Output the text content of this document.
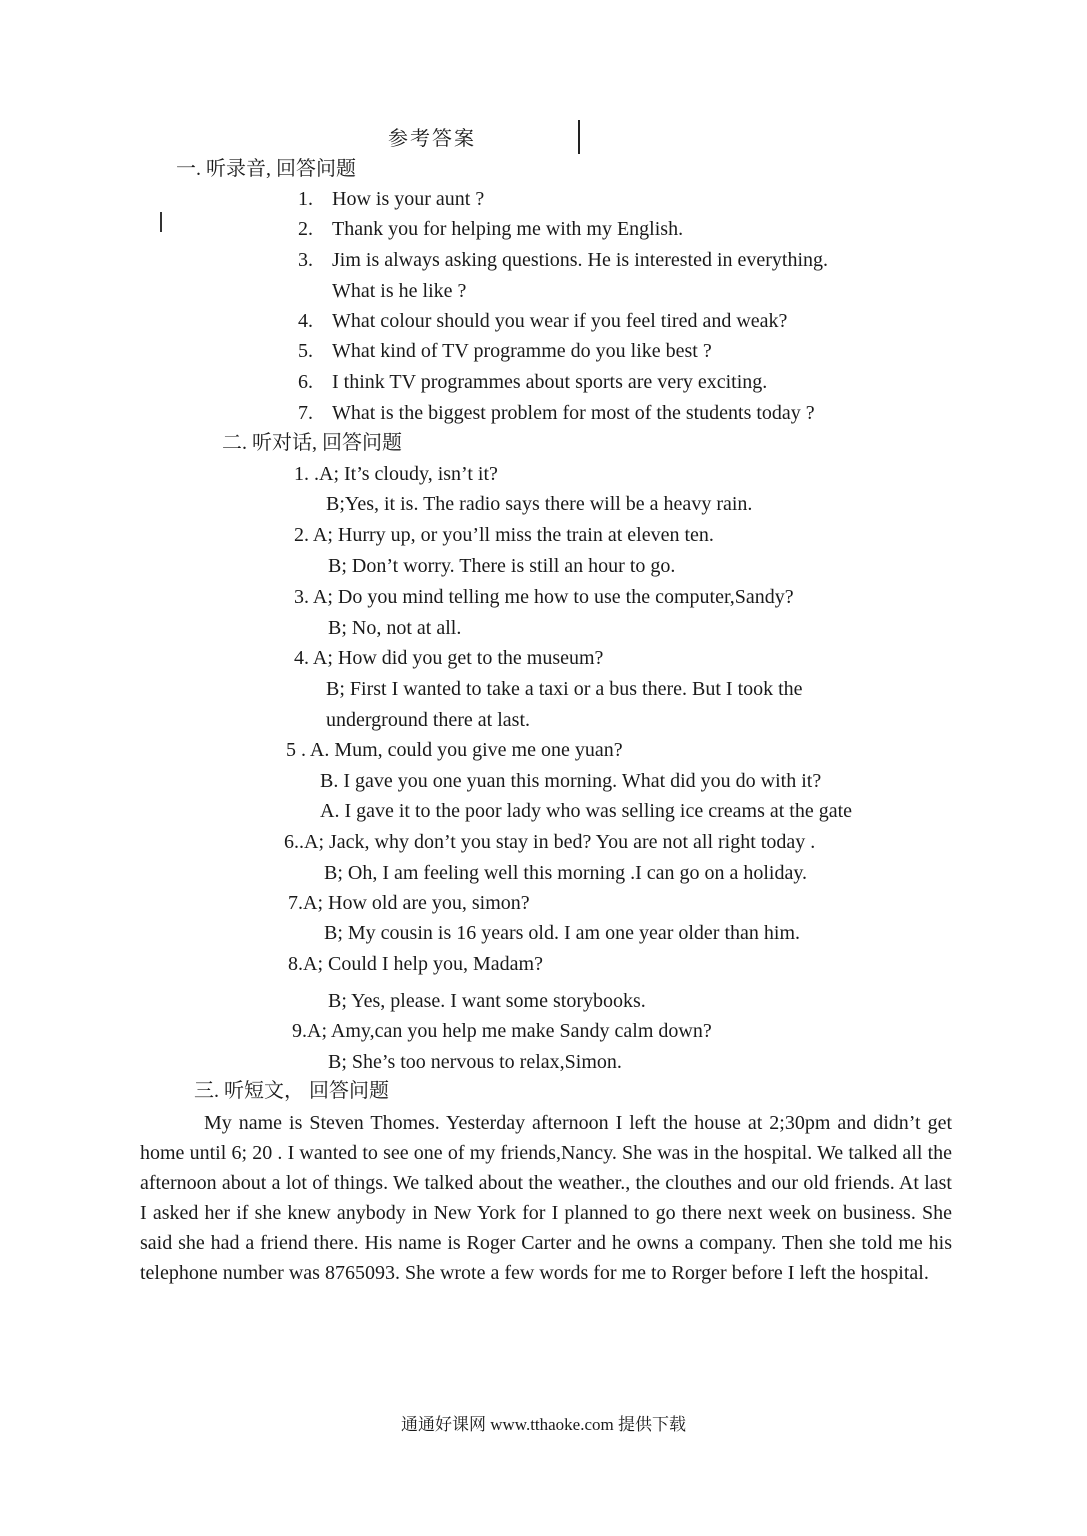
参考答案
一. 听录音, 回答问题
1. How is your aunt ?
2. Thank you for helping me with my English.
3. Jim is always asking questions. He is interested in everything.
What is he like ?
4. What colour should you wear if you feel tired and weak?
5. What kind of TV programme do you like best ?
6. I think TV programmes about sports are very exciting.
7. What is the biggest problem for most of the students today ?
二. 听对话, 回答问题
1. .A; It’s cloudy, isn’t it?
B;Yes, it is. The radio says there will be a heavy rain.
2. A; Hurry up, or you’ll miss the train at eleven ten.
B; Don’t worry. There is still an hour to go.
3. A; Do you mind telling me how to use the computer,Sandy?
B; No, not at all.
4. A; How did you get to the museum?
B; First I wanted to take a taxi or a bus there. But I took the
underground there at last.
5 . A. Mum, could you give me one yuan?
B. I gave you one yuan this morning. What did you do with it?
A. I gave it to the poor lady who was selling ice creams at the gate
6..A; Jack, why don’t you stay in bed? You are not all right today .
B; Oh, I am feeling well this morning .I can go on a holiday.
7.A; How old are you, simon?
B; My cousin is 16 years old. I am one year older than him.
8.A; Could I help you, Madam?
B; Yes, please. I want some storybooks.
9.A; Amy,can you help me make Sandy calm down?
B; She’s too nervous to relax,Simon.
三. 听短文， 回答问题
My name is Steven Thomes. Yesterday afternoon I left the house at 2;30pm and didn’t get home until 6; 20 . I wanted to see one of my friends,Nancy. She was in the hospital. We talked all the afternoon about a lot of things. We talked about the weather., the clouthes and our old friends. At last I asked her if she knew anybody in New York for I planned to go there next week on business. She said she had a friend there. His name is Roger Carter and he owns a company. Then she told me his telephone number was 8765093. She wrote a few words for me to Rorger before I left the hospital.
通通好课网 www.tthaoke.com 提供下载
